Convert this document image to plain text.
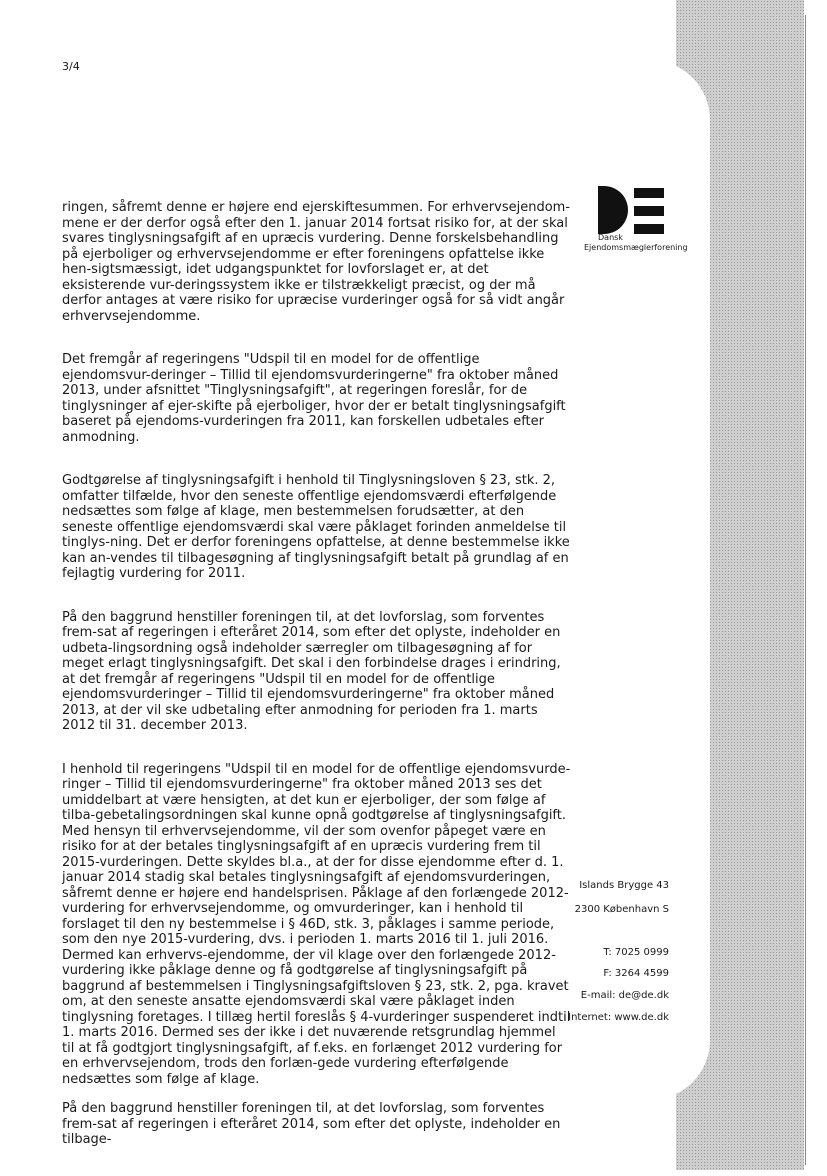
3/4
Dansk
Ejendomsmæglerforening

ringen, såfremt denne er højere end ejerskiftesummen. For erhvervsejendom-mene er der derfor også efter den 1. januar 2014 fortsat risiko for, at der skal svares tinglysningsafgift af en upræcis vurdering. Denne forskelsbehandling på ejerboliger og erhvervsejendomme er efter foreningens opfattelse ikke hen-sigtsmæssigt, idet udgangspunktet for lovforslaget er, at det eksisterende vur-deringssystem ikke er tilstrækkeligt præcist, og der må derfor antages at være risiko for upræcise vurderinger også for så vidt angår erhvervsejendomme.

Det fremgår af regeringens "Udspil til en model for de offentlige ejendomsvur-deringer – Tillid til ejendomsvurderingerne" fra oktober måned 2013, under afsnittet "Tinglysningsafgift", at regeringen foreslår, for de tinglysninger af ejer-skifte på ejerboliger, hvor der er betalt tinglysningsafgift baseret på ejendoms-vurderingen fra 2011, kan forskellen udbetales efter anmodning.

Godtgørelse af tinglysningsafgift i henhold til Tinglysningsloven § 23, stk. 2, omfatter tilfælde, hvor den seneste offentlige ejendomsværdi efterfølgende nedsættes som følge af klage, men bestemmelsen forudsætter, at den seneste offentlige ejendomsværdi skal være påklaget forinden anmeldelse til tinglys-ning. Det er derfor foreningens opfattelse, at denne bestemmelse ikke kan an-vendes til tilbagesøgning af tinglysningsafgift betalt på grundlag af en fejlagtig vurdering for 2011.

På den baggrund henstiller foreningen til, at det lovforslag, som forventes frem-sat af regeringen i efteråret 2014, som efter det oplyste, indeholder en udbeta-lingsordning også indeholder særregler om tilbagesøgning af for meget erlagt tinglysningsafgift. Det skal i den forbindelse drages i erindring, at det fremgår af regeringens "Udspil til en model for de offentlige ejendomsvurderinger – Tillid til ejendomsvurderingerne" fra oktober måned 2013, at der vil ske udbetaling efter anmodning for perioden fra 1. marts 2012 til 31. december 2013.

I henhold til regeringens "Udspil til en model for de offentlige ejendomsvurde-ringer – Tillid til ejendomsvurderingerne" fra oktober måned 2013 ses det umiddelbart at være hensigten, at det kun er ejerboliger, der som følge af tilba-gebetalingsordningen skal kunne opnå godtgørelse af tinglysningsafgift. Med hensyn til erhvervsejendomme, vil der som ovenfor påpeget være en risiko for at der betales tinglysningsafgift af en upræcis vurdering frem til 2015-vurderingen. Dette skyldes bl.a., at der for disse ejendomme efter d. 1. januar 2014 stadig skal betales tinglysningsafgift af ejendomsvurderingen, såfremt denne er højere end handelsprisen. Påklage af den forlængede 2012-vurdering for erhvervsejendomme, og omvurderinger, kan i henhold til forslaget til den ny bestemmelse i § 46D, stk. 3, påklages i samme periode, som den nye 2015-vurdering, dvs. i perioden 1. marts 2016 til 1. juli 2016. Dermed kan erhvervs-ejendomme, der vil klage over den forlængede 2012-vurdering ikke påklage denne og få godtgørelse af tinglysningsafgift på baggrund af bestemmelsen i Tinglysningsafgiftsloven § 23, stk. 2, pga. kravet om, at den seneste ansatte ejendomsværdi skal være påklaget inden tinglysning foretages. I tillæg hertil foreslås § 4-vurderinger suspenderet indtil 1. marts 2016. Dermed ses der ikke i det nuværende retsgrundlag hjemmel til at få godtgjort tinglysningsafgift, af f.eks. en forlænget 2012 vurdering for en erhvervsejendom, trods den forlæn-gede vurdering efterfølgende nedsættes som følge af klage.

På den baggrund henstiller foreningen til, at det lovforslag, som forventes frem-sat af regeringen i efteråret 2014, som efter det oplyste, indeholder en tilbage-

Islands Brygge 43
2300 København S
T: 7025 0999
F: 3264 4599
E-mail: de@de.dk
Internet: www.de.dk
